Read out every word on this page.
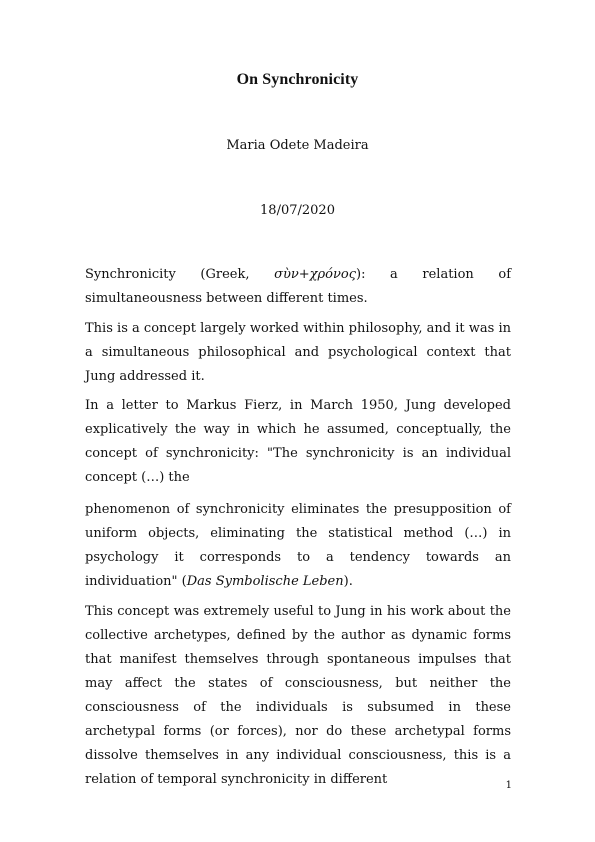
On Synchronicity
Maria Odete Madeira
18/07/2020

Synchronicity (Greek, σὺν+χρόνος): a relation of simultaneousness between different times.

This is a concept largely worked within philosophy, and it was in a simultaneous philosophical and psychological context that Jung addressed it.

In a letter to Markus Fierz, in March 1950, Jung developed explicatively the way in which he assumed, conceptually, the concept of synchronicity: "The synchronicity is an individual concept (…) the

phenomenon of synchronicity eliminates the presupposition of uniform objects, eliminating the statistical method (…) in psychology it corresponds to a tendency towards an individuation" (Das Symbolische Leben).

This concept was extremely useful to Jung in his work about the collective archetypes, defined by the author as dynamic forms that manifest themselves through spontaneous impulses that may affect the states of consciousness, but neither the consciousness of the individuals is subsumed in these archetypal forms (or forces), nor do these archetypal forms dissolve themselves in any individual consciousness, this is a relation of temporal synchronicity in different	1
